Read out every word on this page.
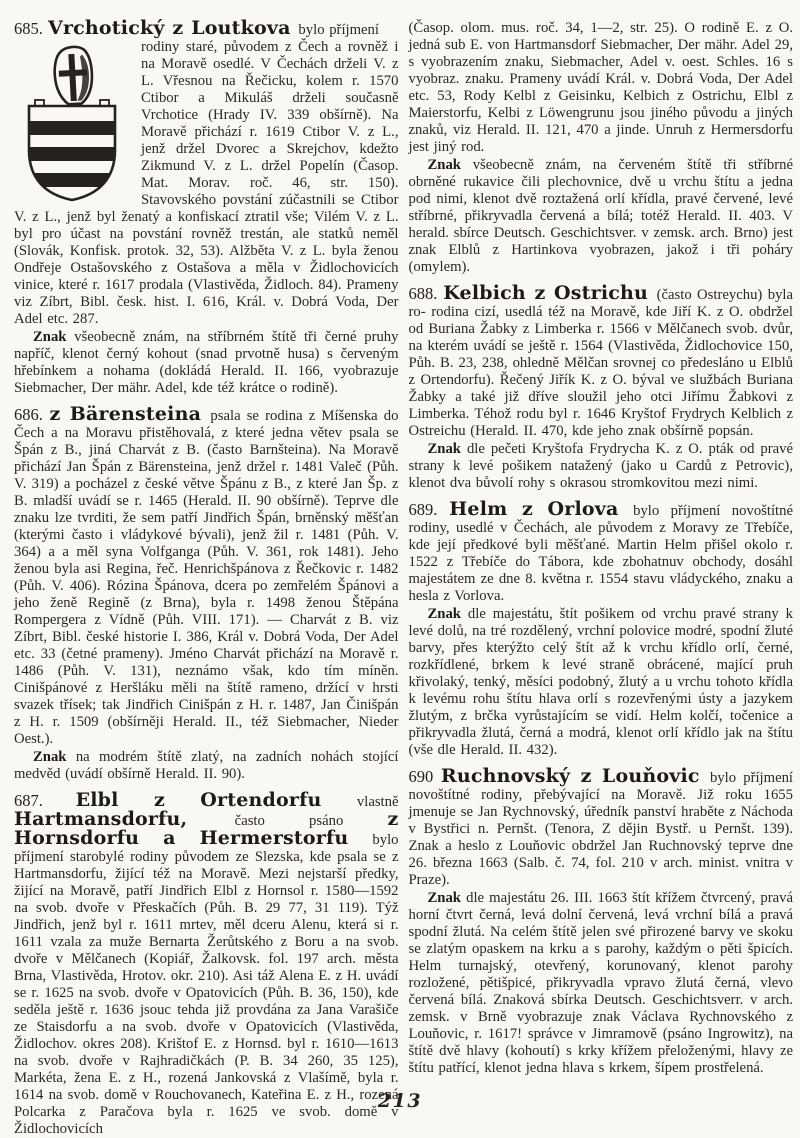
685. Vrchotický z Loutkova bylo příjmení

rodiny staré, původem z Čech a rovněž i na Moravě osedlé. V Čechách drželi V. z L. Vřesnou na Řečicku, kolem r. 1570 Ctibor a Mikuláš drželi současně Vrchotice (Hrady IV. 339 obšírně). Na Moravě přichází r. 1619 Ctibor V. z L., jenž držel Dvorec a Skrejchov, kdežto Zikmund V. z L. držel Popelín (Časop. Mat. Morav. roč. 46, str. 150). Stavovského povstání zúčastnili se Ctibor V. z L., jenž byl ženatý a konfiskací ztratil vše; Vilém V. z L. byl pro účast na povstání rovněž trestán, ale statků neměl (Slovák, Konfisk. protok. 32, 53). Alžběta V. z L. byla ženou Ondřeje Ostašovského z Ostašova a měla v Židlochovicích vinice, které r. 1617 prodala (Vlastivěda, Židloch. 84). Prameny viz Zíbrt, Bibl. česk. hist. I. 616, Král. v. Dobrá Voda, Der Adel etc. 287.

Znak všeobecně znám, na stříbrném štítě tři černé pruhy napříč, klenot černý kohout (snad prvotně husa) s červeným hřebínkem a nohama (dokládá Herald. II. 166, vyobrazuje Siebmacher, Der mähr. Adel, kde též krátce o rodině).

686. z Bärensteina psala se rodina z Míšenska do Čech a na Moravu přistěhovalá, z které jedna větev psala se Špán z B., jiná Charvát z B. (často Barnšteina). Na Moravě přichází Jan Špán z Bärensteina, jenž držel r. 1481 Valeč (Půh. V. 319) a pocházel z české větve Špánu z B., z které Jan Šp. z B. mladší uvádí se r. 1465 (Herald. II. 90 obšírně). Teprve dle znaku lze tvrditi, že sem patří Jindřich Špán, brněnský měšťan (kterými často i vládykové bývali), jenž žil r. 1481 (Půh. V. 364) a a měl syna Volfganga (Půh. V. 361, rok 1481). Jeho ženou byla asi Regina, řeč. Henrichšpánova z Řečkovic r. 1482 (Půh. V. 406). Rózina Špánova, dcera po zemřelém Špánovi a jeho ženě Regině (z Brna), byla r. 1498 ženou Štěpána Rompergera z Vídně (Půh. VIII. 171). — Charvát z B. viz Zíbrt, Bibl. české historie I. 386, Král v. Dobrá Voda, Der Adel etc. 33 (četné prameny). Jméno Charvát přichází na Moravě r. 1486 (Půh. V. 131), neznámo však, kdo tím míněn. Cinišpánové z Heršláku měli na štítě rameno, držící v hrsti svazek třísek; tak Jindřich Cinišpán z H. r. 1487, Jan Činišpán z H. r. 1509 (obšírněji Herald. II., též Siebmacher, Nieder Oest.).

Znak na modrém štítě zlatý, na zadních nohách stojící medvěd (uvádí obšírně Herald. II. 90).

687. Elbl z Ortendorfu vlastně Hartmansdorfu, často psáno z Hornsdorfu a Hermerstorfu bylo příjmení starobylé rodiny původem ze Slezska, kde psala se z Hartmansdorfu, žijící též na Moravě. Mezi nejstarší předky, žijící na Moravě, patří Jindřich Elbl z Hornsol r. 1580—1592 na svob. dvoře v Přeskačích (Půh. B. 29 77, 31 119). Týž Jindřich, jenž byl r. 1611 mrtev, měl dceru Alenu, která si r. 1611 vzala za muže Bernarta Žerůtského z Boru a na svob. dvoře v Mělčanech (Kopiář, Žalkovsk. fol. 197 arch. města Brna, Vlastivěda, Hrotov. okr. 210). Asi táž Alena E. z H. uvádí se r. 1625 na svob. dvoře v Opatovicích (Půh. B. 36, 150), kde seděla ještě r. 1636 jsouc tehda již provdána za Jana Varašiče ze Staisdorfu a na svob. dvoře v Opatovicích (Vlastivěda, Židlochov. okres 208). Krištof E. z Hornsd. byl r. 1610—1613 na svob. dvoře v Rajhradičkách (P. B. 34 260, 35 125), Markéta, žena E. z H., rozená Jankovská z Vlašímě, byla r. 1614 na svob. domě v Rouchovanech, Kateřina E. z H., rozená Polcarka z Paračova byla r. 1625 ve svob. domě v Židlochovicích

(Časop. olom. mus. roč. 34, 1—2, str. 25). O rodině E. z O. jedná sub E. von Hartmansdorf Siebmacher, Der mähr. Adel 29, s vyobrazením znaku, Siebmacher, Adel v. oest. Schles. 16 s vyobraz. znaku. Prameny uvádí Král. v. Dobrá Voda, Der Adel etc. 53, Rody Kelbl z Geisinku, Kelbich z Ostrichu, Elbl z Maierstorfu, Kelbi z Löwengrunu jsou jiného původu a jiných znaků, viz Herald. II. 121, 470 a jinde. Unruh z Hermersdorfu jest jiný rod.

Znak všeobecně znám, na červeném štítě tři stříbrné obrněné rukavice čili plechovnice, dvě u vrchu štítu a jedna pod nimi, klenot dvě roztažená orlí křídla, pravé červené, levé stříbrné, přikryvadla červená a bílá; totéž Herald. II. 403. V herald. sbírce Deutsch. Geschichtsver. v zemsk. arch. Brno) jest znak Elblů z Hartinkova vyobrazen, jakož i tři poháry (omylem).

688. Kelbich z Ostrichu (často Ostreychu) byla ro- rodina cizí, usedlá též na Moravě, kde Jiří K. z O. obdržel od Buriana Žabky z Limberka r. 1566 v Mělčanech svob. dvůr, na kterém uvádí se ještě r. 1564 (Vlastivěda, Židlochovice 150, Půh. B. 23, 238, ohledně Mělčan srovnej co předesláno u Elblů z Ortendorfu). Řečený Jiřík K. z O. býval ve službách Buriana Žabky a také již dříve sloužil jeho otci Jiřímu Žabkovi z Limberka. Téhož rodu byl r. 1646 Kryštof Frydrych Kelblich z Ostreichu (Herald. II. 470, kde jeho znak obšírně popsán.

Znak dle pečeti Kryštofa Frydrycha K. z O. pták od pravé strany k levé pošikem natažený (jako u Cardů z Petrovic), klenot dva bůvolí rohy s okrasou stromkovitou mezi nimi.

689. Helm z Orlova bylo příjmení novoštítné rodiny, usedlé v Čechách, ale původem z Moravy ze Třebíče, kde její předkové byli měšťané. Martin Helm přišel okolo r. 1522 z Třebíče do Tábora, kde zbohatnuv obchody, dosáhl majestátem ze dne 8. května r. 1554 stavu vládyckého, znaku a hesla z Vorlova.

Znak dle majestátu, štít pošikem od vrchu pravé strany k levé dolů, na tré rozdělený, vrchní polovice modré, spodní žluté barvy, přes kterýžto celý štít až k vrchu křídlo orlí, černé, rozkřídlené, brkem k levé straně obrácené, mající pruh křivolaký, tenký, měsíci podobný, žlutý a u vrchu tohoto křídla k levému rohu štítu hlava orlí s rozevřenými ústy a jazykem žlutým, z brčka vyrůstajícím se vidí. Helm kolčí, točenice a přikryvadla žlutá, černá a modrá, klenot orlí křídlo jak na štítu (vše dle Herald. II. 432).

690 Ruchnovský z Louňovic bylo příjmení novoštítné rodiny, přebývající na Moravě. Již roku 1655 jmenuje se Jan Rychnovský, úředník panství hraběte z Náchoda v Bystřici n. Pernšt. (Tenora, Z dějin Bystř. u Pernšt. 139). Znak a heslo z Louňovic obdržel Jan Ruchnovský teprve dne 26. března 1663 (Salb. č. 74, fol. 210 v arch. minist. vnitra v Praze).

Znak dle majestátu 26. III. 1663 štít křížem čtvrcený, pravá horní čtvrt černá, levá dolní červená, levá vrchní bílá a pravá spodní žlutá. Na celém štítě jelen své přirozené barvy ve skoku se zlatým opaskem na krku a s parohy, každým o pěti špicích. Helm turnajský, otevřený, korunovaný, klenot parohy rozložené, pětišpicé, přikryvadla vpravo žlutá černá, vlevo červená bílá. Znaková sbírka Deutsch. Geschichtsverr. v arch. zemsk. v Brně vyobrazuje znak Václava Rychnovského z Louňovic, r. 1617! správce v Jimramově (psáno Ingrowitz), na štítě dvě hlavy (kohoutí) s krky křížem přeloženými, hlavy ze štítu patřící, klenot jedna hlava s krkem, šípem prostřelená.

213
